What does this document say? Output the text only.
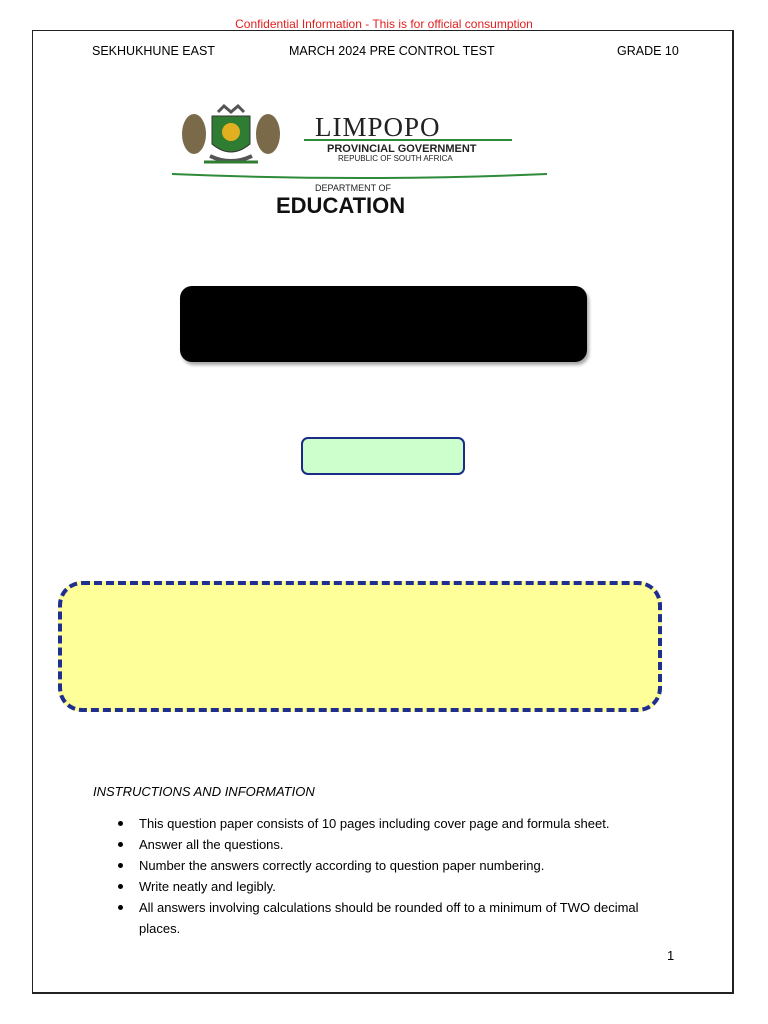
Confidential Information - This is for official consumption
SEKHUKHUNE EAST	MARCH 2024 PRE CONTROL TEST	GRADE 10
LIMPOPO
PROVINCIAL GOVERNMENT
REPUBLIC OF SOUTH AFRICA
DEPARTMENT OF
EDUCATION
INSTRUCTIONS AND INFORMATION
This question paper consists of 10 pages including cover page and formula sheet.
Answer all the questions.
Number the answers correctly according to question paper numbering.
Write neatly and legibly.
All answers involving calculations should be rounded off to a minimum of TWO decimal places.
1
